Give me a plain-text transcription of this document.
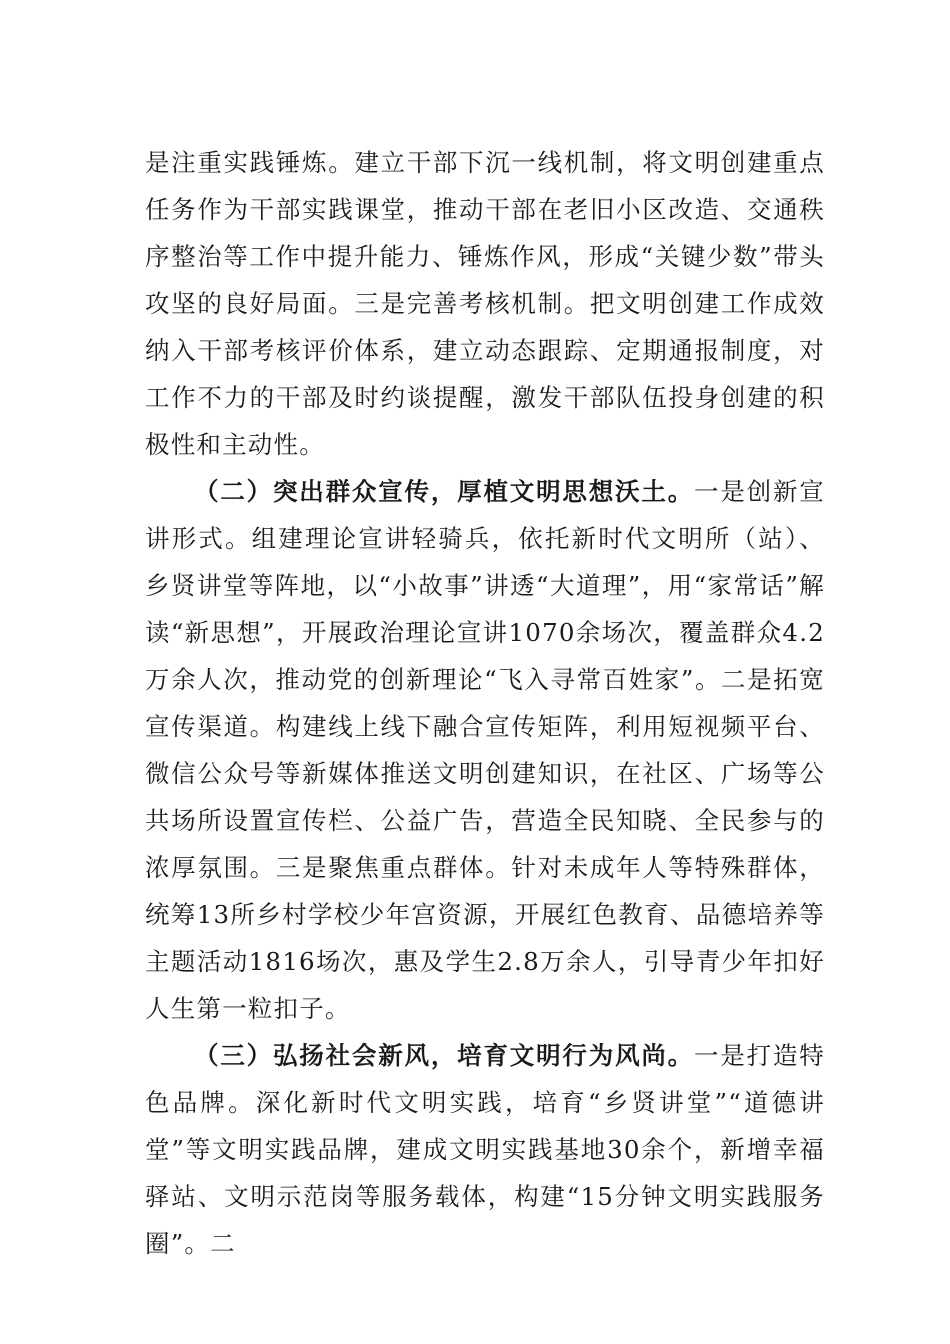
是注重实践锤炼。建立干部下沉一线机制，将文明创建重点任务作为干部实践课堂，推动干部在老旧小区改造、交通秩序整治等工作中提升能力、锤炼作风，形成“关键少数”带头攻坚的良好局面。三是完善考核机制。把文明创建工作成效纳入干部考核评价体系，建立动态跟踪、定期通报制度，对工作不力的干部及时约谈提醒，激发干部队伍投身创建的积极性和主动性。

（二）突出群众宣传，厚植文明思想沃土。一是创新宣讲形式。组建理论宣讲轻骑兵，依托新时代文明所（站）、乡贤讲堂等阵地，以“小故事”讲透“大道理”，用“家常话”解读“新思想”，开展政治理论宣讲1070余场次，覆盖群众4.2万余人次，推动党的创新理论“飞入寻常百姓家”。二是拓宽宣传渠道。构建线上线下融合宣传矩阵，利用短视频平台、微信公众号等新媒体推送文明创建知识，在社区、广场等公共场所设置宣传栏、公益广告，营造全民知晓、全民参与的浓厚氛围。三是聚焦重点群体。针对未成年人等特殊群体，统筹13所乡村学校少年宫资源，开展红色教育、品德培养等主题活动1816场次，惠及学生2.8万余人，引导青少年扣好人生第一粒扣子。

（三）弘扬社会新风，培育文明行为风尚。一是打造特色品牌。深化新时代文明实践，培育“乡贤讲堂”“道德讲堂”等文明实践品牌，建成文明实践基地30余个，新增幸福驿站、文明示范岗等服务载体，构建“15分钟文明实践服务圈”。二
